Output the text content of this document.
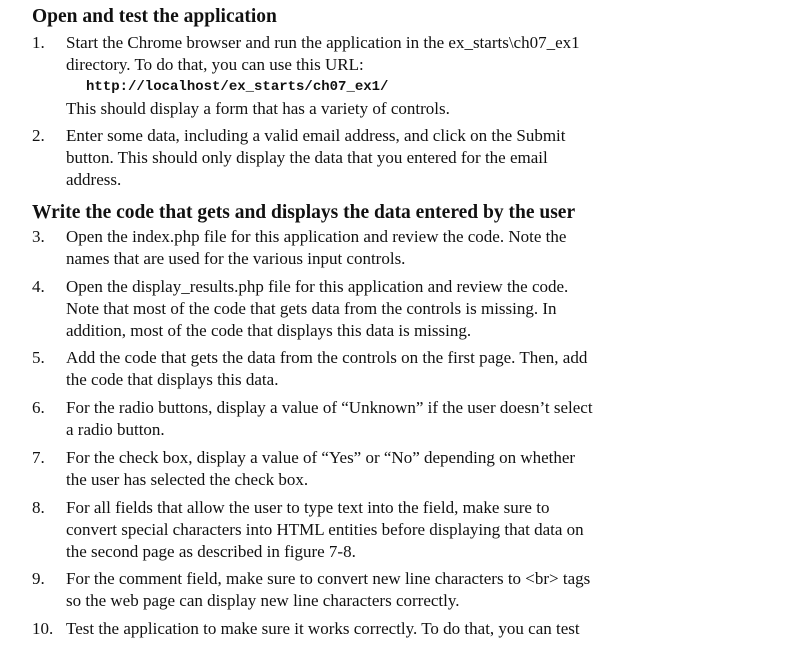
Open and test the application
1. Start the Chrome browser and run the application in the ex_starts\ch07_ex1
directory. To do that, you can use this URL:
http://localhost/ex_starts/ch07_ex1/
This should display a form that has a variety of controls.
2. Enter some data, including a valid email address, and click on the Submit
button. This should only display the data that you entered for the email
address.
Write the code that gets and displays the data entered by the user
3. Open the index.php file for this application and review the code. Note the
names that are used for the various input controls.
4. Open the display_results.php file for this application and review the code.
Note that most of the code that gets data from the controls is missing. In
addition, most of the code that displays this data is missing.
5. Add the code that gets the data from the controls on the first page. Then, add
the code that displays this data.
6. For the radio buttons, display a value of “Unknown” if the user doesn’t select
a radio button.
7. For the check box, display a value of “Yes” or “No” depending on whether
the user has selected the check box.
8. For all fields that allow the user to type text into the field, make sure to
convert special characters into HTML entities before displaying that data on
the second page as described in figure 7-8.
9. For the comment field, make sure to convert new line characters to <br> tags
so the web page can display new line characters correctly.
10. Test the application to make sure it works correctly. To do that, you can test
